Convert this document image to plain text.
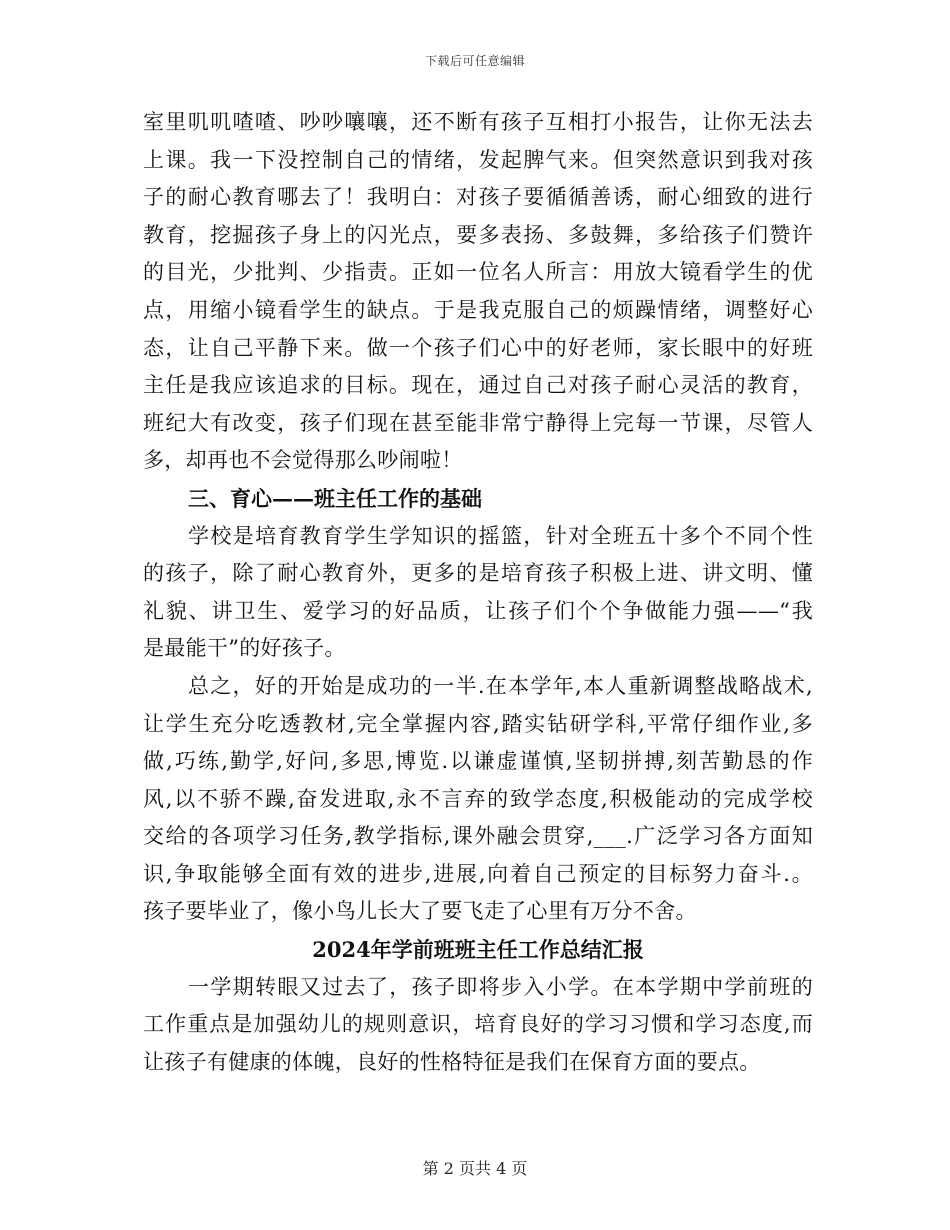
下载后可任意编辑
室里叽叽喳喳、吵吵嚷嚷，还不断有孩子互相打小报告，让你无法去
上课。我一下没控制自己的情绪，发起脾气来。但突然意识到我对孩
子的耐心教育哪去了！我明白：对孩子要循循善诱，耐心细致的进行
教育，挖掘孩子身上的闪光点，要多表扬、多鼓舞，多给孩子们赞许
的目光，少批判、少指责。正如一位名人所言：用放大镜看学生的优
点，用缩小镜看学生的缺点。于是我克服自己的烦躁情绪，调整好心
态，让自己平静下来。做一个孩子们心中的好老师，家长眼中的好班
主任是我应该追求的目标。现在，通过自己对孩子耐心灵活的教育，
班纪大有改变，孩子们现在甚至能非常宁静得上完每一节课，尽管人
多，却再也不会觉得那么吵闹啦！
三、育心——班主任工作的基础
学校是培育教育学生学知识的摇篮，针对全班五十多个不同个性
的孩子，除了耐心教育外，更多的是培育孩子积极上进、讲文明、懂
礼貌、讲卫生、爱学习的好品质，让孩子们个个争做能力强——“我
是最能干”的好孩子。
总之，好的开始是成功的一半.在本学年,本人重新调整战略战术,
让学生充分吃透教材,完全掌握内容,踏实钻研学科,平常仔细作业,多
做,巧练,勤学,好问,多思,博览.以谦虚谨慎,坚韧拼搏,刻苦勤恳的作
风,以不骄不躁,奋发进取,永不言弃的致学态度,积极能动的完成学校
交给的各项学习任务,教学指标,课外融会贯穿,___.广泛学习各方面知
识,争取能够全面有效的进步,进展,向着自己预定的目标努力奋斗.。
孩子要毕业了，像小鸟儿长大了要飞走了心里有万分不舍。
2024年学前班班主任工作总结汇报
一学期转眼又过去了，孩子即将步入小学。在本学期中学前班的
工作重点是加强幼儿的规则意识，培育良好的学习习惯和学习态度,而
让孩子有健康的体魄，良好的性格特征是我们在保育方面的要点。
第 2 页共 4 页
